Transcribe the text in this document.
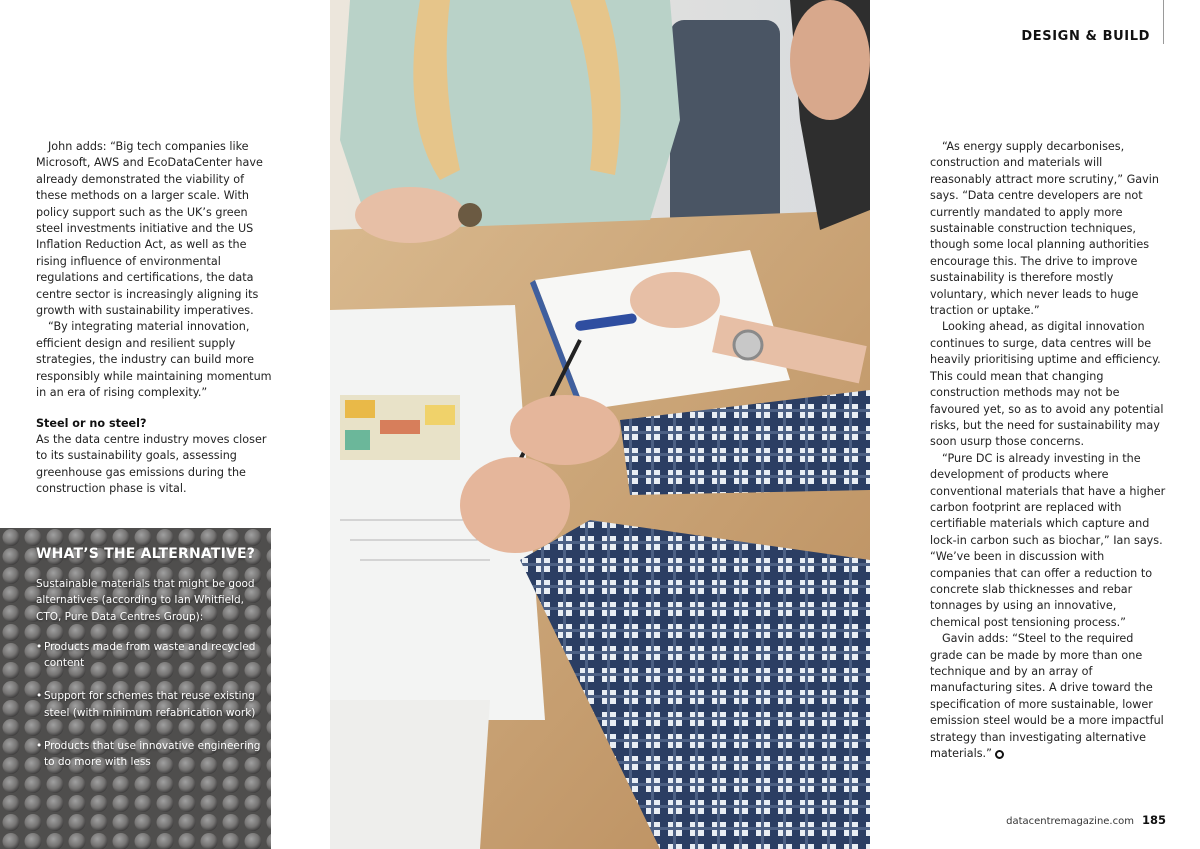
DESIGN & BUILD

John adds: “Big tech companies like Microsoft, AWS and EcoDataCenter have already demonstrated the viability of these methods on a larger scale. With policy support such as the UK’s green steel investments initiative and the US Inflation Reduction Act, as well as the rising influence of environmental regulations and certifications, the data centre sector is increasingly aligning its growth with sustainability imperatives.

“By integrating material innovation, efficient design and resilient supply strategies, the industry can build more responsibly while maintaining momentum in an era of rising complexity.”

Steel or no steel?

As the data centre industry moves closer to its sustainability goals, assessing greenhouse gas emissions during the construction phase is vital.

WHAT’S THE ALTERNATIVE?

Sustainable materials that might be good alternatives (according to Ian Whitfield, CTO, Pure Data Centres Group):

• Products made from waste and recycled content
• Support for schemes that reuse existing steel (with minimum refabrication work)
• Products that use innovative engineering to do more with less

“As energy supply decarbonises, construction and materials will reasonably attract more scrutiny,” Gavin says. “Data centre developers are not currently mandated to apply more sustainable construction techniques, though some local planning authorities encourage this. The drive to improve sustainability is therefore mostly voluntary, which never leads to huge traction or uptake.”

Looking ahead, as digital innovation continues to surge, data centres will be heavily prioritising uptime and efficiency. This could mean that changing construction methods may not be favoured yet, so as to avoid any potential risks, but the need for sustainability may soon usurp those concerns.

“Pure DC is already investing in the development of products where conventional materials that have a higher carbon footprint are replaced with certifiable materials which capture and lock-in carbon such as biochar,” Ian says. “We’ve been in discussion with companies that can offer a reduction to concrete slab thicknesses and rebar tonnages by using an innovative, chemical post tensioning process.”

Gavin adds: “Steel to the required grade can be made by more than one technique and by an array of manufacturing sites. A drive toward the specification of more sustainable, lower emission steel would be a more impactful strategy than investigating alternative materials.”

datacentremagazine.com 185
